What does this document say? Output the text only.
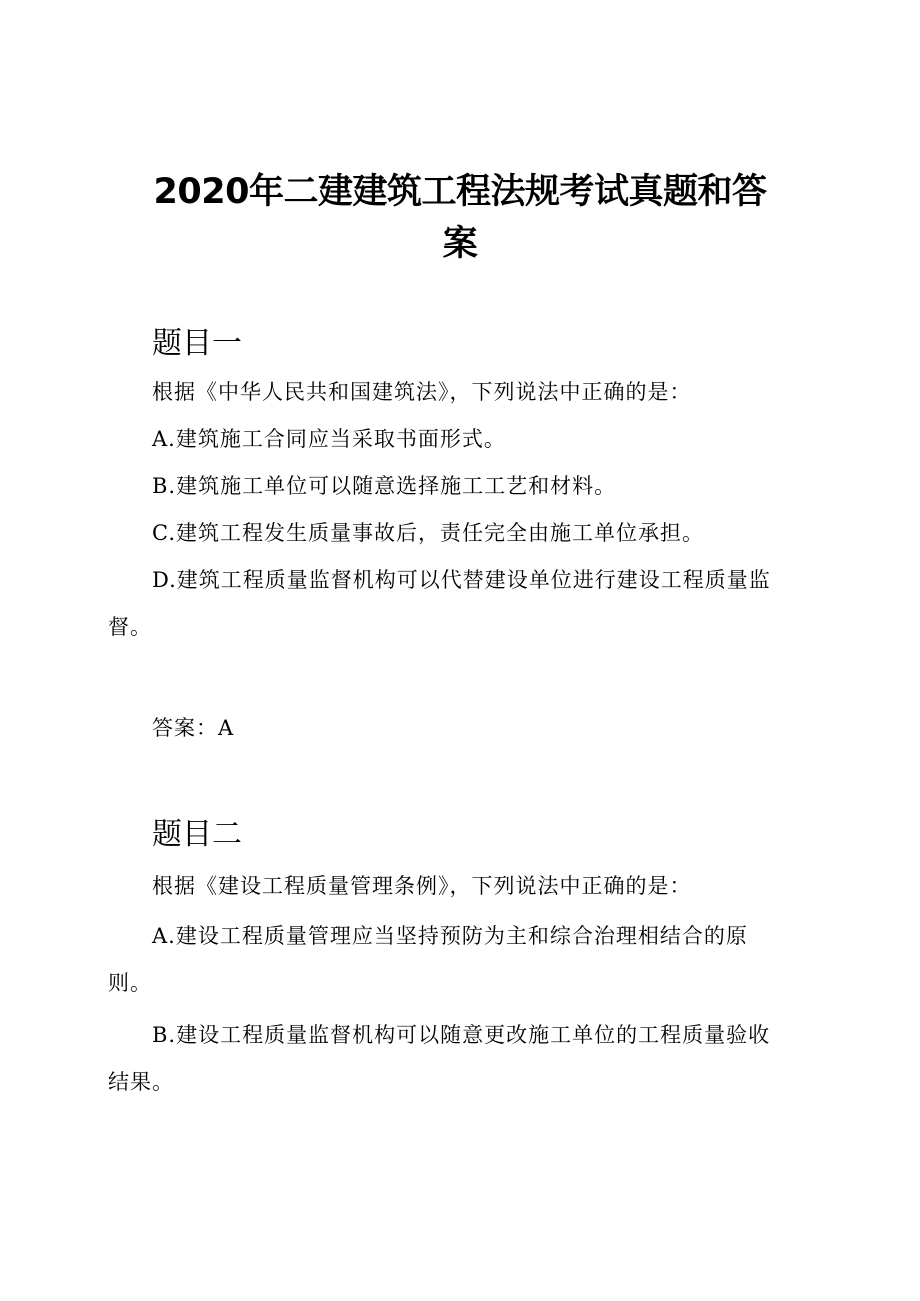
2020年二建建筑工程法规考试真题和答案
题目一
根据《中华人民共和国建筑法》，下列说法中正确的是：
A.建筑施工合同应当采取书面形式。
B.建筑施工单位可以随意选择施工工艺和材料。
C.建筑工程发生质量事故后，责任完全由施工单位承担。
D.建筑工程质量监督机构可以代替建设单位进行建设工程质量监
督。
答案：A
题目二
根据《建设工程质量管理条例》，下列说法中正确的是：
A.建设工程质量管理应当坚持预防为主和综合治理相结合的原
则。
B.建设工程质量监督机构可以随意更改施工单位的工程质量验收
结果。
